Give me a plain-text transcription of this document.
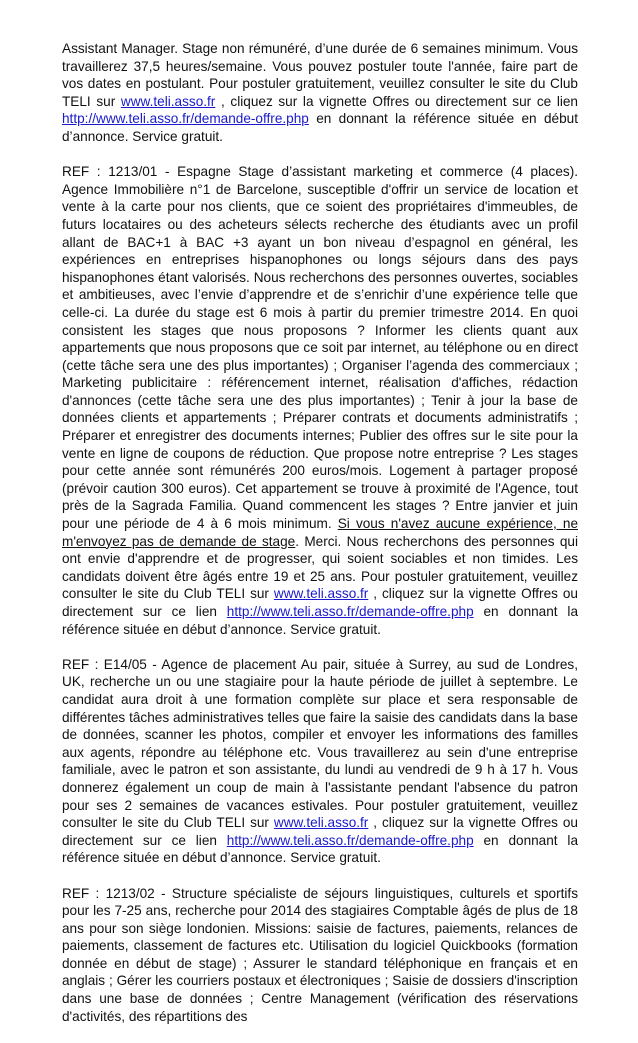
Assistant Manager. Stage non rémunéré, d’une durée de 6 semaines minimum. Vous travaillerez 37,5 heures/semaine. Vous pouvez postuler toute l'année, faire part de vos dates en postulant. Pour postuler gratuitement, veuillez consulter le site du Club TELI sur www.teli.asso.fr , cliquez sur la vignette Offres ou directement sur ce lien http://www.teli.asso.fr/demande-offre.php en donnant la référence située en début d’annonce. Service gratuit.

REF : 1213/01 - Espagne Stage d’assistant marketing et commerce (4 places). Agence Immobilière n°1 de Barcelone, susceptible d'offrir un service de location et vente à la carte pour nos clients, que ce soient des propriétaires d'immeubles, de futurs locataires ou des acheteurs sélects recherche des étudiants avec un profil allant de BAC+1 à BAC +3 ayant un bon niveau d’espagnol en général, les expériences en entreprises hispanophones ou longs séjours dans des pays hispanophones étant valorisés. Nous recherchons des personnes ouvertes, sociables et ambitieuses, avec l’envie d’apprendre et de s’enrichir d’une expérience telle que celle-ci. La durée du stage est 6 mois à partir du premier trimestre 2014. En quoi consistent les stages que nous proposons ? Informer les clients quant aux appartements que nous proposons que ce soit par internet, au téléphone ou en direct (cette tâche sera une des plus importantes) ; Organiser l’agenda des commerciaux ; Marketing publicitaire : référencement internet, réalisation d'affiches, rédaction d'annonces (cette tâche sera une des plus importantes) ; Tenir à jour la base de données clients et appartements ; Préparer contrats et documents administratifs ; Préparer et enregistrer des documents internes; Publier des offres sur le site pour la vente en ligne de coupons de réduction. Que propose notre entreprise ? Les stages pour cette année sont rémunérés 200 euros/mois. Logement à partager proposé (prévoir caution 300 euros). Cet appartement se trouve à proximité de l'Agence, tout près de la Sagrada Familia. Quand commencent les stages ? Entre janvier et juin pour une période de 4 à 6 mois minimum. Si vous n'avez aucune expérience, ne m'envoyez pas de demande de stage. Merci. Nous recherchons des personnes qui ont envie d'apprendre et de progresser, qui soient sociables et non timides. Les candidats doivent être âgés entre 19 et 25 ans. Pour postuler gratuitement, veuillez consulter le site du Club TELI sur www.teli.asso.fr , cliquez sur la vignette Offres ou directement sur ce lien http://www.teli.asso.fr/demande-offre.php en donnant la référence située en début d’annonce. Service gratuit.

REF : E14/05 - Agence de placement Au pair, située à Surrey, au sud de Londres, UK, recherche un ou une stagiaire pour la haute période de juillet à septembre. Le candidat aura droit à une formation complète sur place et sera responsable de différentes tâches administratives telles que faire la saisie des candidats dans la base de données, scanner les photos, compiler et envoyer les informations des familles aux agents, répondre au téléphone etc. Vous travaillerez au sein d'une entreprise familiale, avec le patron et son assistante, du lundi au vendredi de 9 h à 17 h. Vous donnerez également un coup de main à l'assistante pendant l'absence du patron pour ses 2 semaines de vacances estivales. Pour postuler gratuitement, veuillez consulter le site du Club TELI sur www.teli.asso.fr , cliquez sur la vignette Offres ou directement sur ce lien http://www.teli.asso.fr/demande-offre.php en donnant la référence située en début d’annonce. Service gratuit.

REF : 1213/02 - Structure spécialiste de séjours linguistiques, culturels et sportifs pour les 7-25 ans, recherche pour 2014 des stagiaires Comptable âgés de plus de 18 ans pour son siège londonien. Missions: saisie de factures, paiements, relances de paiements, classement de factures etc. Utilisation du logiciel Quickbooks (formation donnée en début de stage) ; Assurer le standard téléphonique en français et en anglais ; Gérer les courriers postaux et électroniques ; Saisie de dossiers d'inscription dans une base de données ; Centre Management (vérification des réservations d'activités, des répartitions des
